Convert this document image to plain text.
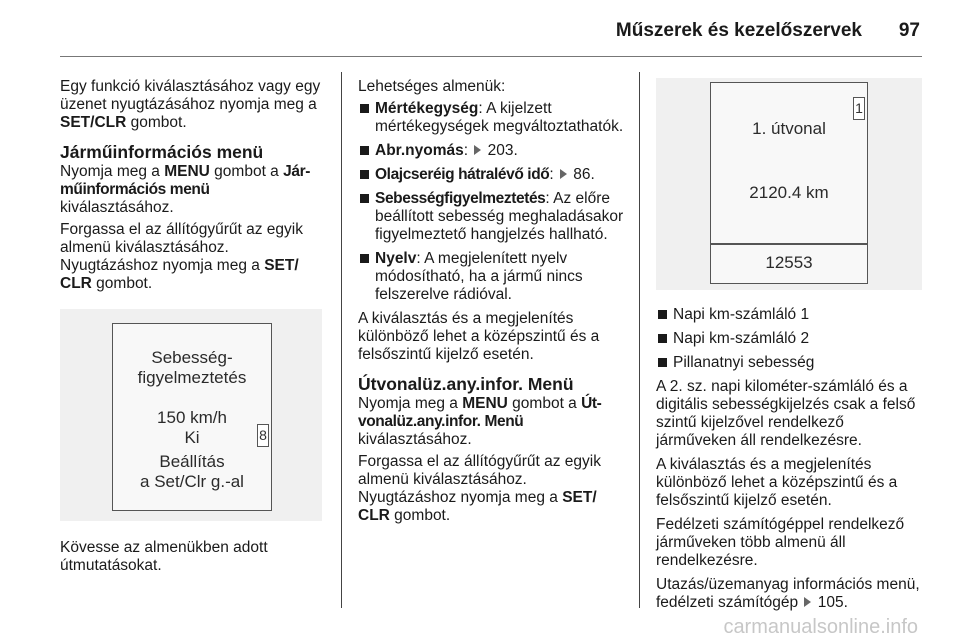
Műszerek és kezelőszervek 97

Egy funkció kiválasztásához vagy egy üzenet nyugtázásához nyomja meg a SET/CLR gombot.

Járműinformációs menü

Nyomja meg a MENU gombot a Jár-műinformációs menü
kiválasztásához.

Forgassa el az állítógyűrűt az egyik almenü kiválasztásához.

Nyugtázáshoz nyomja meg a SET/ CLR gombot.

Sebesség-
figyelmeztetés
150 km/h
Ki
Beállítás
a Set/Clr g.-al
8

Kövesse az almenükben adott útmutatásokat.

Lehetséges almenük:

Mértékegység: A kijelzett mértékegységek megváltoztathatók.
Abr.nyomás:  203.
Olajcseréig hátralévő idő:  86.
Sebességfigyelmeztetés: Az előre beállított sebesség meghaladásakor figyelmeztető hangjelzés hallható.
Nyelv: A megjelenített nyelv módosítható, ha a jármű nincs felszerelve rádióval.

A kiválasztás és a megjelenítés különböző lehet a középszintű és a felsőszintű kijelző esetén.

Útvonalüz.any.infor. Menü

Nyomja meg a MENU gombot a Út-vonalüz.any.infor. Menü
kiválasztásához.

Forgassa el az állítógyűrűt az egyik almenü kiválasztásához.

Nyugtázáshoz nyomja meg a SET/ CLR gombot.

1
1. útvonal
2120.4 km
12553
Napi km-számláló 1
Napi km-számláló 2
Pillanatnyi sebesség

A 2. sz. napi kilométer-számláló és a digitális sebességkijelzés csak a felső szintű kijelzővel rendelkező járműveken áll rendelkezésre.

A kiválasztás és a megjelenítés különböző lehet a középszintű és a felsőszintű kijelző esetén.

Fedélzeti számítógéppel rendelkező járműveken több almenü áll rendelkezésre.

Utazás/üzemanyag információs menü, fedélzeti számítógép  105.

carmanualsonline.info
